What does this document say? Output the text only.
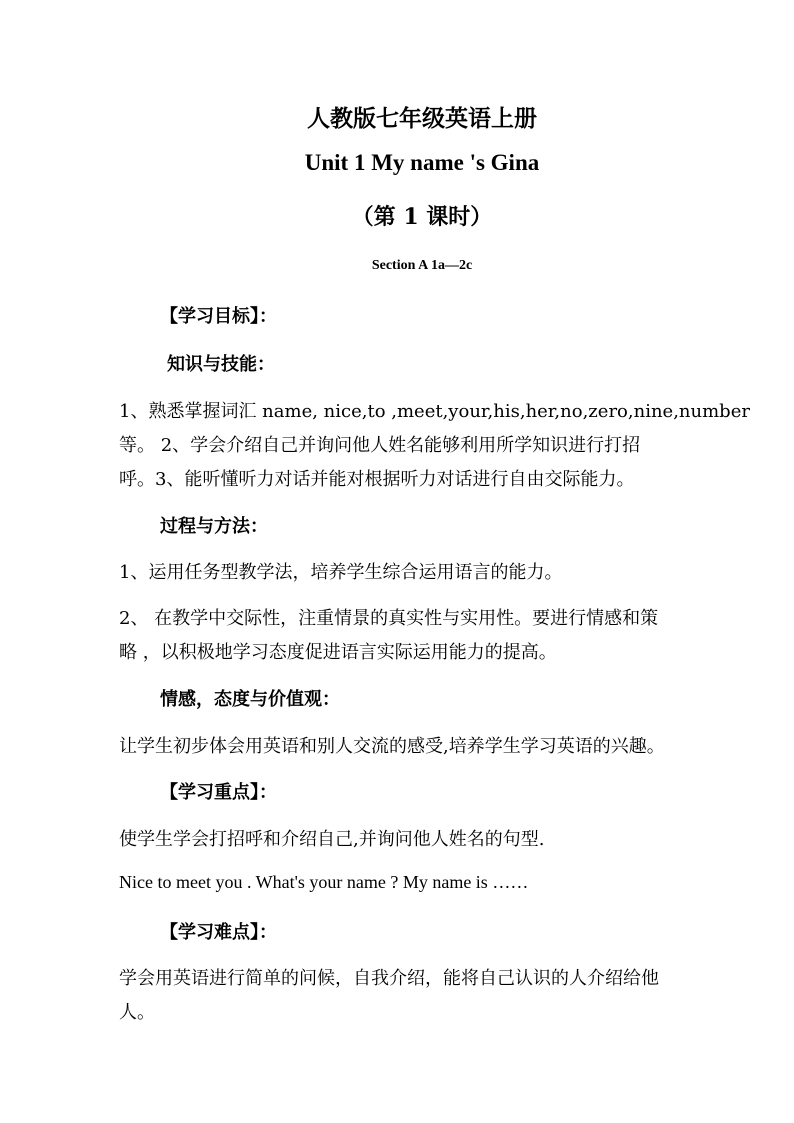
人教版七年级英语上册
Unit 1 My name 's Gina
（第 1 课时）
Section A 1a—2c
【学习目标】：
知识与技能：
1、熟悉掌握词汇 name, nice,to ,meet,your,his,her,no,zero,nine,number
等。 2、学会介绍自己并询问他人姓名能够利用所学知识进行打招
呼。3、能听懂听力对话并能对根据听力对话进行自由交际能力。
过程与方法：
1、运用任务型教学法，培养学生综合运用语言的能力。
2、 在教学中交际性，注重情景的真实性与实用性。要进行情感和策
略 ，以积极地学习态度促进语言实际运用能力的提高。
情感，态度与价值观：
让学生初步体会用英语和别人交流的感受,培养学生学习英语的兴趣。
【学习重点】：
使学生学会打招呼和介绍自己,并询问他人姓名的句型.
Nice to meet you . What's your name ? My name is ……
【学习难点】：
学会用英语进行简单的问候，自我介绍，能将自己认识的人介绍给他
人。
